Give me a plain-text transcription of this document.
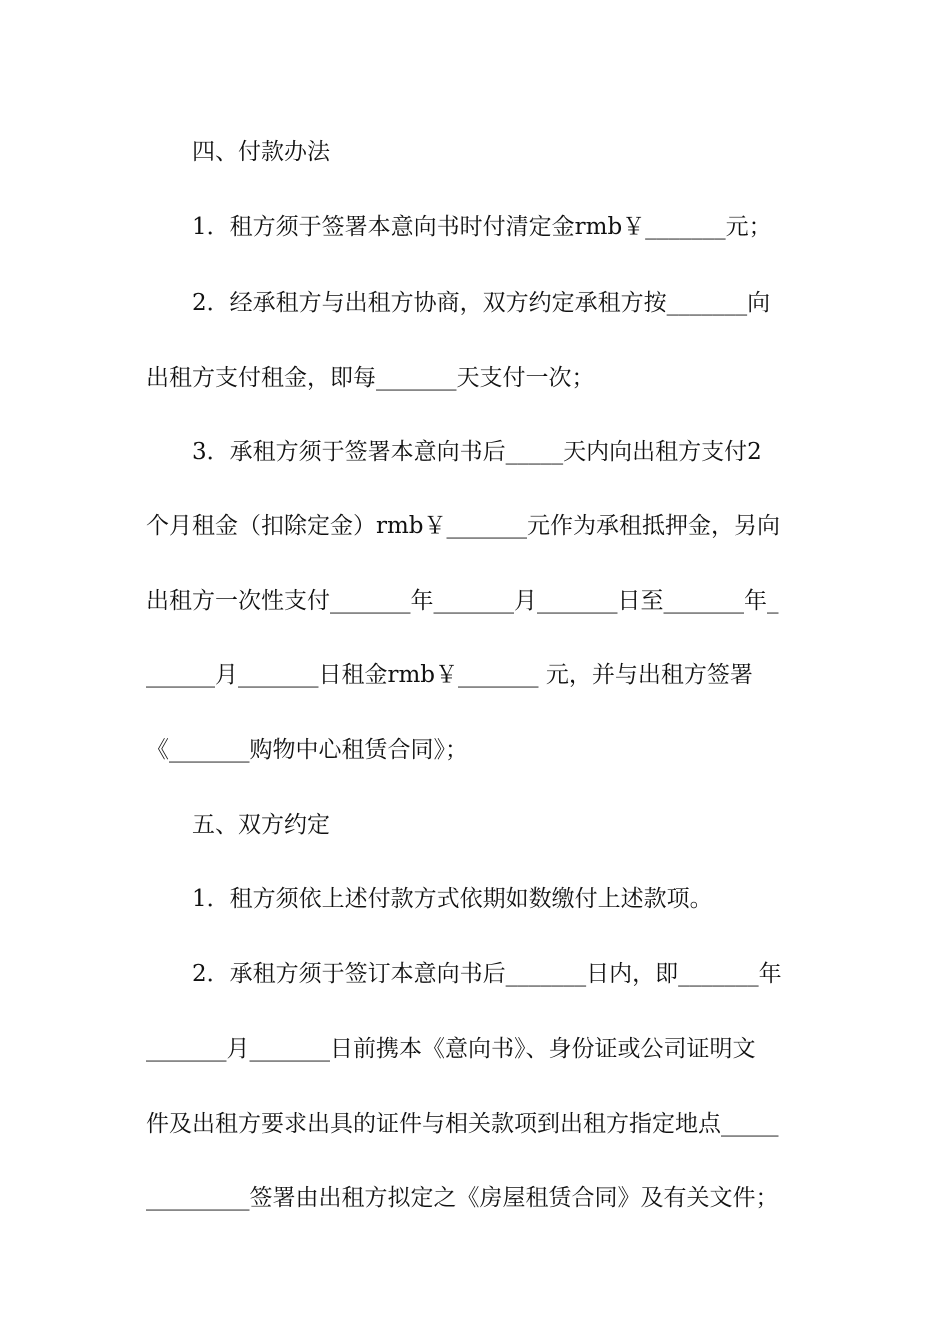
四、付款办法

1．租方须于签署本意向书时付清定金rmb￥_______元；

2．经承租方与出租方协商，双方约定承租方按_______向

出租方支付租金，即每_______天支付一次；

3．承租方须于签署本意向书后_____天内向出租方支付2

个月租金（扣除定金）rmb￥_______元作为承租抵押金，另向

出租方一次性支付_______年_______月_______日至_______年_

______月_______日租金rmb￥_______ 元，并与出租方签署

《_______购物中心租赁合同》；

五、双方约定

1．租方须依上述付款方式依期如数缴付上述款项。

2．承租方须于签订本意向书后_______日内，即_______年

_______月_______日前携本《意向书》、身份证或公司证明文

件及出租方要求出具的证件与相关款项到出租方指定地点_____

_________签署由出租方拟定之《房屋租赁合同》及有关文件；
